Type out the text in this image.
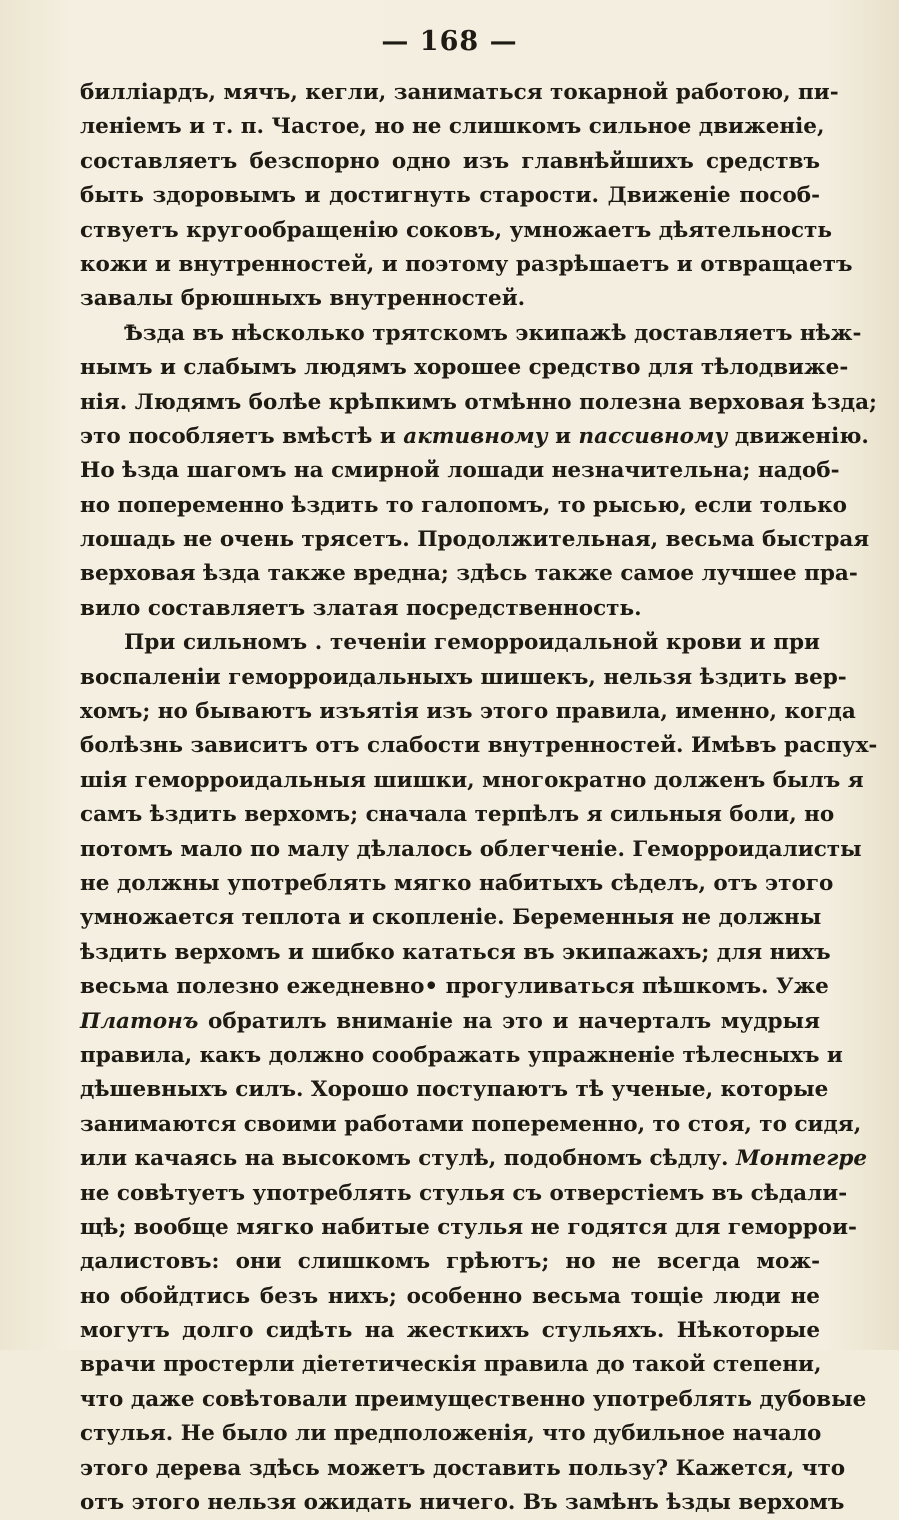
— 168 —
билліардъ, мячъ, кегли, заниматься токарной работою, пи-
леніемъ и т. п. Частое, но не слишкомъ сильное движеніе,
составляетъ безспорно одно изъ главнѣйшихъ средствъ
быть здоровымъ и достигнуть старости. Движеніе пособ-
ствуетъ кругообращенію соковъ, умножаетъ дѣятельность
кожи и внутренностей, и поэтому разрѣшаетъ и отвращаетъ
завалы брюшныхъ внутренностей.
Ѣзда въ нѣсколько трятскомъ экипажѣ доставляетъ нѣж-
нымъ и слабымъ людямъ хорошее средство для тѣлодвиже-
нія. Людямъ болѣе крѣпкимъ отмѣнно полезна верховая ѣзда;
это пособляетъ вмѣстѣ и активному и пассивному движенію.
Но ѣзда шагомъ на смирной лошади незначительна; надоб-
но попеременно ѣздить то галопомъ, то рысью, если только
лошадь не очень трясетъ. Продолжительная, весьма быстрая
верховая ѣзда также вредна; здѣсь также самое лучшее пра-
вило составляетъ златая посредственность.
При сильномъ . теченіи геморроидальной крови и при
воспаленіи геморроидальныхъ шишекъ, нельзя ѣздить вер-
хомъ; но бываютъ изъятія изъ этого правила, именно, когда
болѣзнь зависитъ отъ слабости внутренностей. Имѣвъ распух-
шія геморроидальныя шишки, многократно долженъ былъ я
самъ ѣздить верхомъ; сначала терпѣлъ я сильныя боли, но
потомъ мало по малу дѣлалось облегченіе. Геморроидалисты
не должны употреблять мягко набитыхъ сѣделъ, отъ этого
умножается теплота и скопленіе. Беременныя не должны
ѣздить верхомъ и шибко кататься въ экипажахъ; для нихъ
весьма полезно ежедневно• прогуливаться пѣшкомъ. Уже
Платонъ обратилъ вниманіе на это и начерталъ мудрыя
правила, какъ должно соображать упражненіе тѣлесныхъ и
дѣшевныхъ силъ. Хорошо поступаютъ тѣ ученые, которые
занимаются своими работами попеременно, то стоя, то сидя,
или качаясь на высокомъ стулѣ, подобномъ сѣдлу. Монтегре
не совѣтуетъ употреблять стулья съ отверстіемъ въ сѣдали-
щѣ; вообще мягко набитые стулья не годятся для геморрои-
далистовъ: они слишкомъ грѣютъ; но не всегда мож-
но обойдтись безъ нихъ; особенно весьма тощіе люди не
могутъ долго сидѣть на жесткихъ стульяхъ. Нѣкоторые
врачи простерли діететическія правила до такой степени,
что даже совѣтовали преимущественно употреблять дубовые
стулья. Не было ли предположенія, что дубильное начало
этого дерева здѣсь можетъ доставить пользу? Кажется, что
отъ этого нельзя ожидать ничего. Въ замѣнъ ѣзды верхомъ
